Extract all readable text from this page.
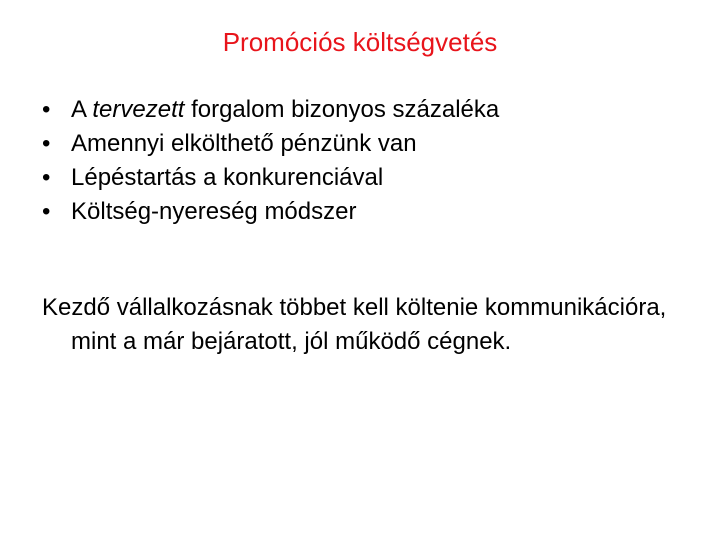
Promóciós költségvetés
• A tervezett forgalom bizonyos százaléka
• Amennyi elkölthető pénzünk van
• Lépéstartás a konkurenciával
• Költség-nyereség módszer

Kezdő vállalkozásnak többet kell költenie kommunikációra, mint a már bejáratott, jól működő cégnek.
